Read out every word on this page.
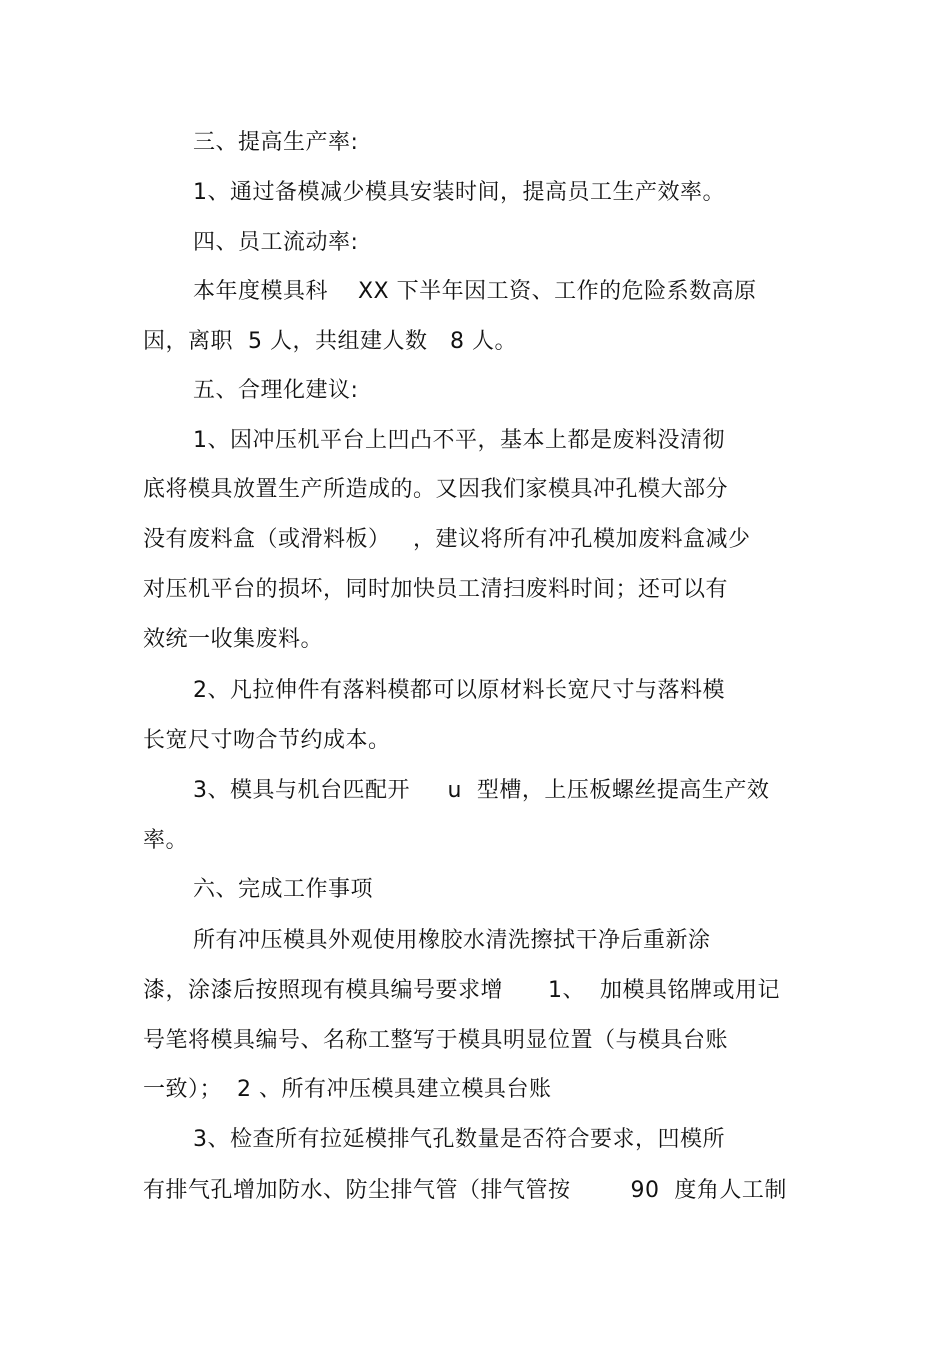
三、提高生产率:
1、通过备模减少模具安装时间，提高员工生产效率。
四、员工流动率:
本年度模具科    XX 下半年因工资、工作的危险系数高原
因，离职  5 人，共组建人数   8 人。
五、合理化建议:
1、因冲压机平台上凹凸不平，基本上都是废料没清彻
底将模具放置生产所造成的。又因我们家模具冲孔模大部分
没有废料盒（或滑料板）   ，建议将所有冲孔模加废料盒减少
对压机平台的损坏，同时加快员工清扫废料时间；还可以有
效统一收集废料。
2、凡拉伸件有落料模都可以原材料长宽尺寸与落料模
长宽尺寸吻合节约成本。
3、模具与机台匹配开     u  型槽，上压板螺丝提高生产效
率。
六、完成工作事项
所有冲压模具外观使用橡胶水清洗擦拭干净后重新涂
漆，涂漆后按照现有模具编号要求增      1、  加模具铭牌或用记
号笔将模具编号、名称工整写于模具明显位置（与模具台账
一致）；  2 、所有冲压模具建立模具台账
3、检查所有拉延模排气孔数量是否符合要求，凹模所
有排气孔增加防水、防尘排气管（排气管按        90  度角人工制
